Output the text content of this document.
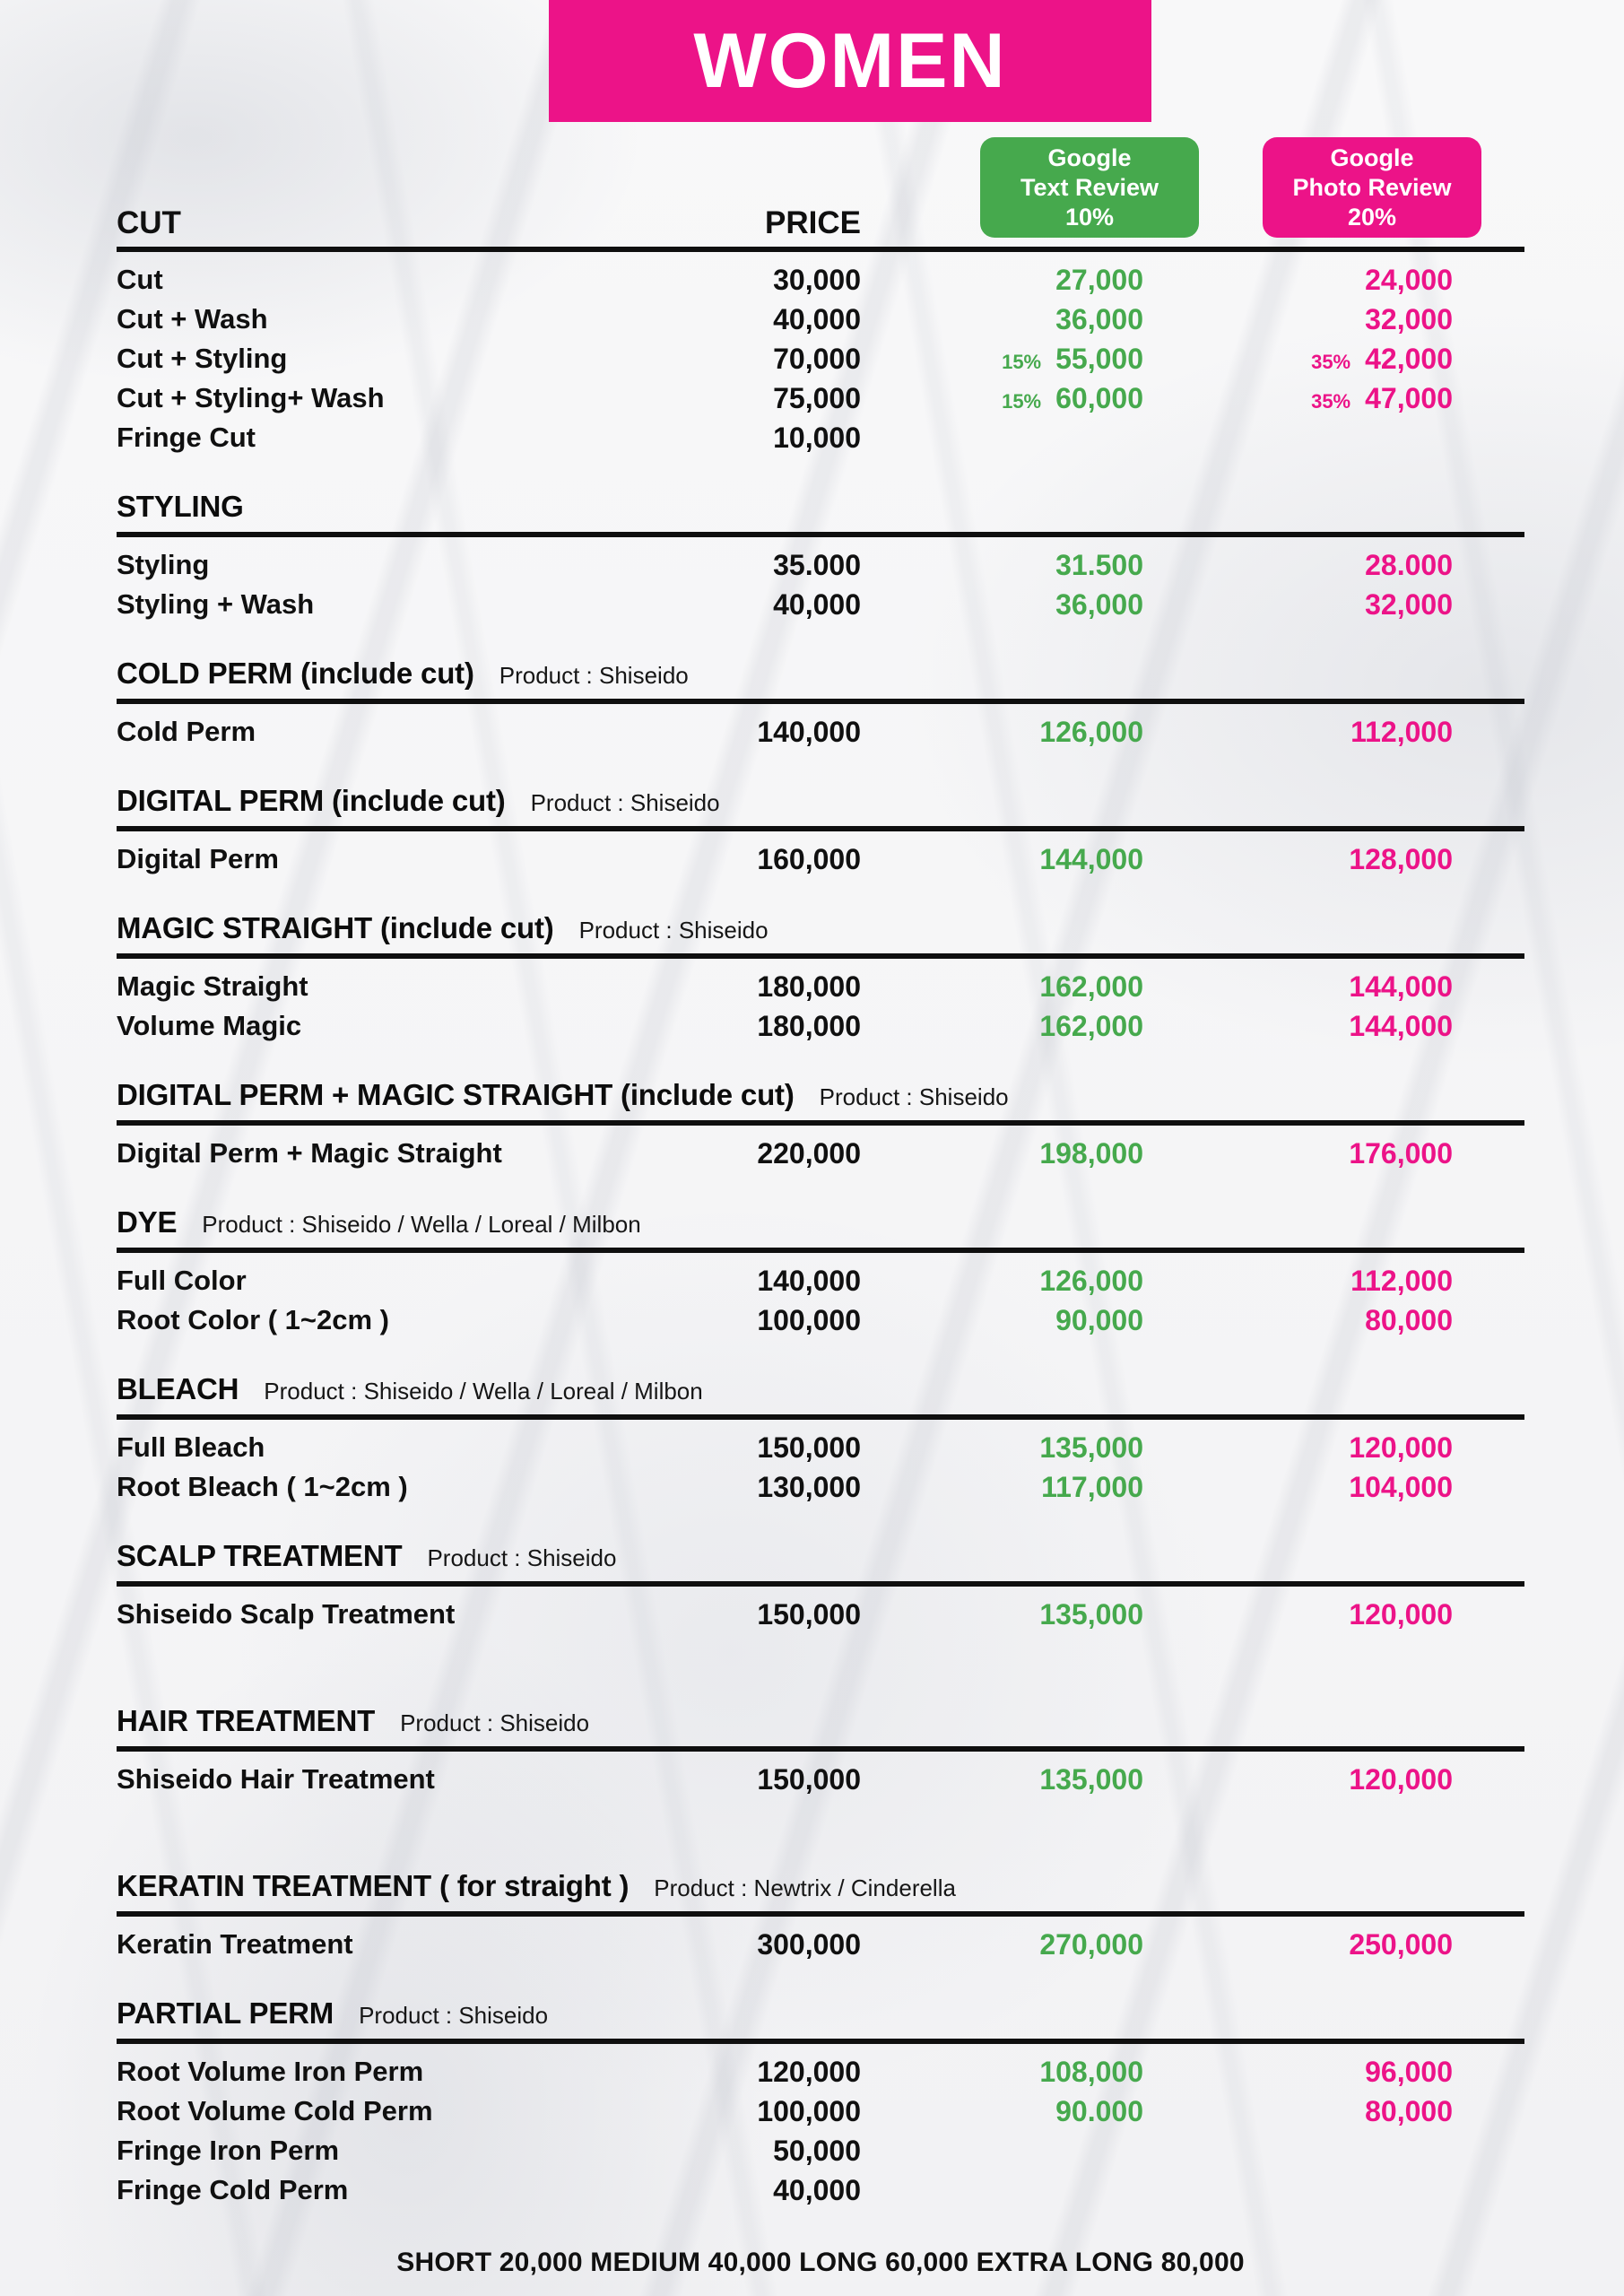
WOMEN
CUT	PRICE
Google
Text Review
10%
Google
Photo Review
20%
Cut	30,000	27,000	24,000
Cut + Wash	40,000	36,000	32,000
Cut + Styling	70,000	15% 55,000	35% 42,000
Cut + Styling+ Wash	75,000	15% 60,000	35% 47,000
Fringe Cut	10,000
STYLING
Styling	35.000	31.500	28.000
Styling + Wash	40,000	36,000	32,000
COLD PERM (include cut) Product : Shiseido
Cold Perm	140,000	126,000	112,000
DIGITAL PERM (include cut) Product : Shiseido
Digital Perm	160,000	144,000	128,000
MAGIC STRAIGHT (include cut) Product : Shiseido
Magic Straight	180,000	162,000	144,000
Volume Magic	180,000	162,000	144,000
DIGITAL PERM + MAGIC STRAIGHT (include cut) Product : Shiseido
Digital Perm + Magic Straight	220,000	198,000	176,000
DYE Product : Shiseido / Wella / Loreal / Milbon
Full Color	140,000	126,000	112,000
Root Color ( 1~2cm )	100,000	90,000	80,000
BLEACH Product : Shiseido / Wella / Loreal / Milbon
Full Bleach	150,000	135,000	120,000
Root Bleach ( 1~2cm )	130,000	117,000	104,000
SCALP TREATMENT Product : Shiseido
Shiseido Scalp Treatment	150,000	135,000	120,000
HAIR TREATMENT Product : Shiseido
Shiseido Hair Treatment	150,000	135,000	120,000
KERATIN TREATMENT ( for straight ) Product : Newtrix / Cinderella
Keratin Treatment	300,000	270,000	250,000
PARTIAL PERM Product : Shiseido
Root Volume Iron Perm	120,000	108,000	96,000
Root Volume Cold Perm	100,000	90.000	80,000
Fringe Iron Perm	50,000
Fringe Cold Perm	40,000
SHORT 20,000 MEDIUM 40,000 LONG 60,000 EXTRA LONG 80,000
